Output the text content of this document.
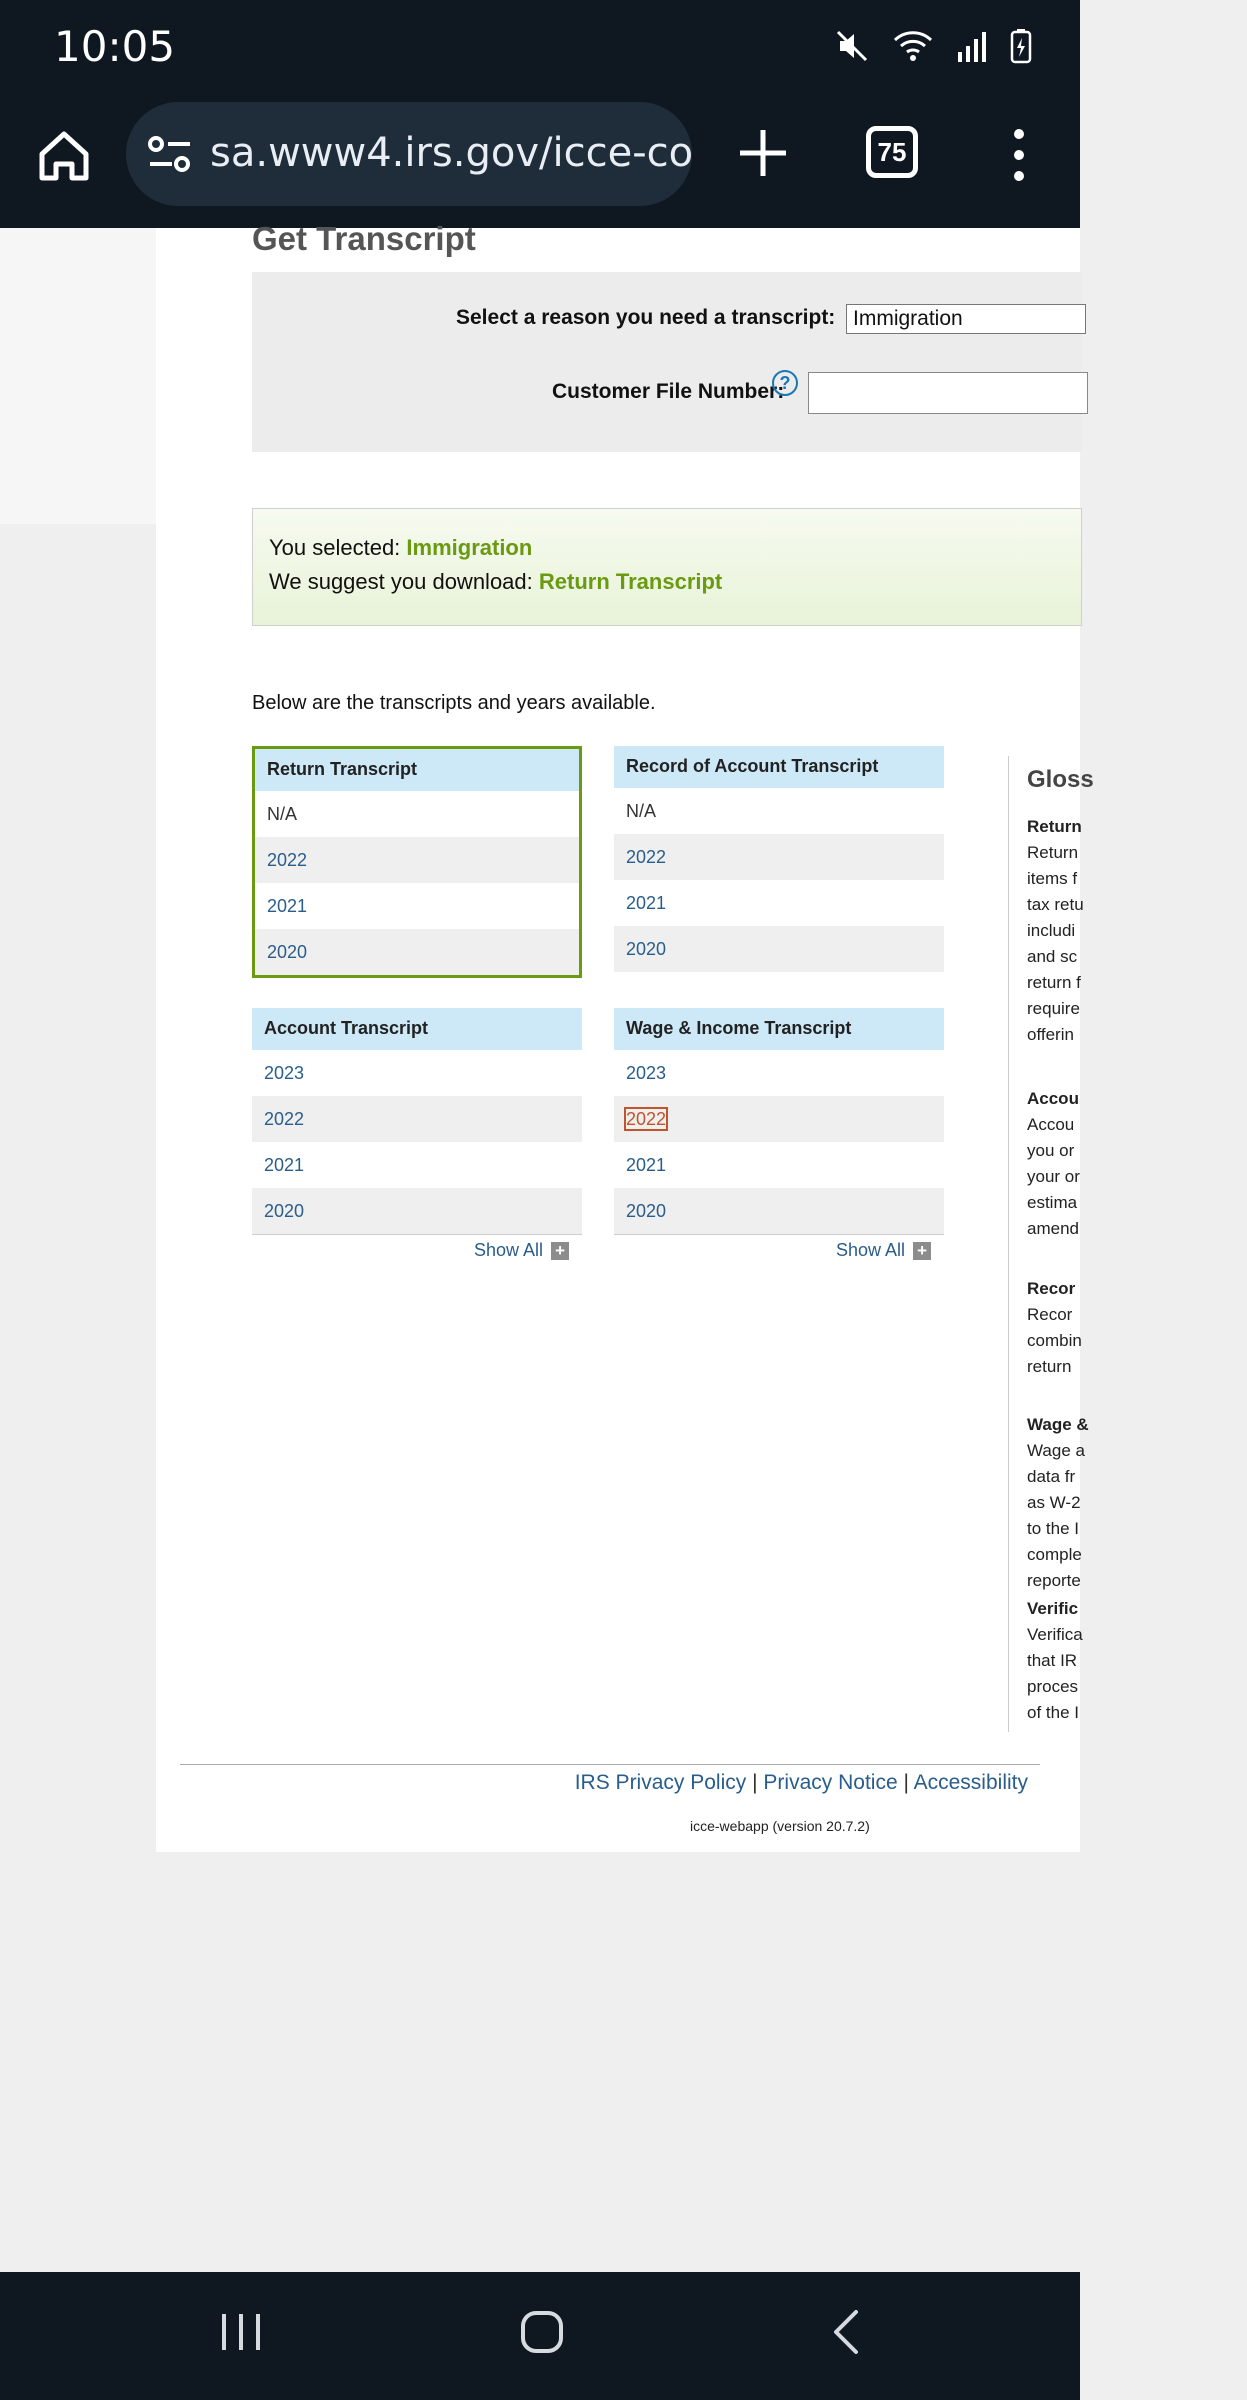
10:05
sa.www4.irs.gov/icce-co	75
Get Transcript
Select a reason you need a transcript: Immigration
Customer File Number:
?
You selected: Immigration
We suggest you download: Return Transcript
Below are the transcripts and years available.
Return Transcript
N/A
2022
2021
2020
Record of Account Transcript
N/A
2022
2021
2020
Account Transcript
2023
2022
2021
2020
Show All +
Wage & Income Transcript
2023
2022
2021
2020
Show All +
Gloss
Return
Return
items f
tax retu
includi
and sc
return f
require
offerin
Accou
Accou
you or
your or
estima
amend
Recor
Recor
combin
return
Wage &
Wage a
data fr
as W-2
to the I
comple
reporte
Verific
Verifica
that IR
proces
of the I
IRS Privacy Policy | Privacy Notice | Accessibility
icce-webapp (version 20.7.2)
